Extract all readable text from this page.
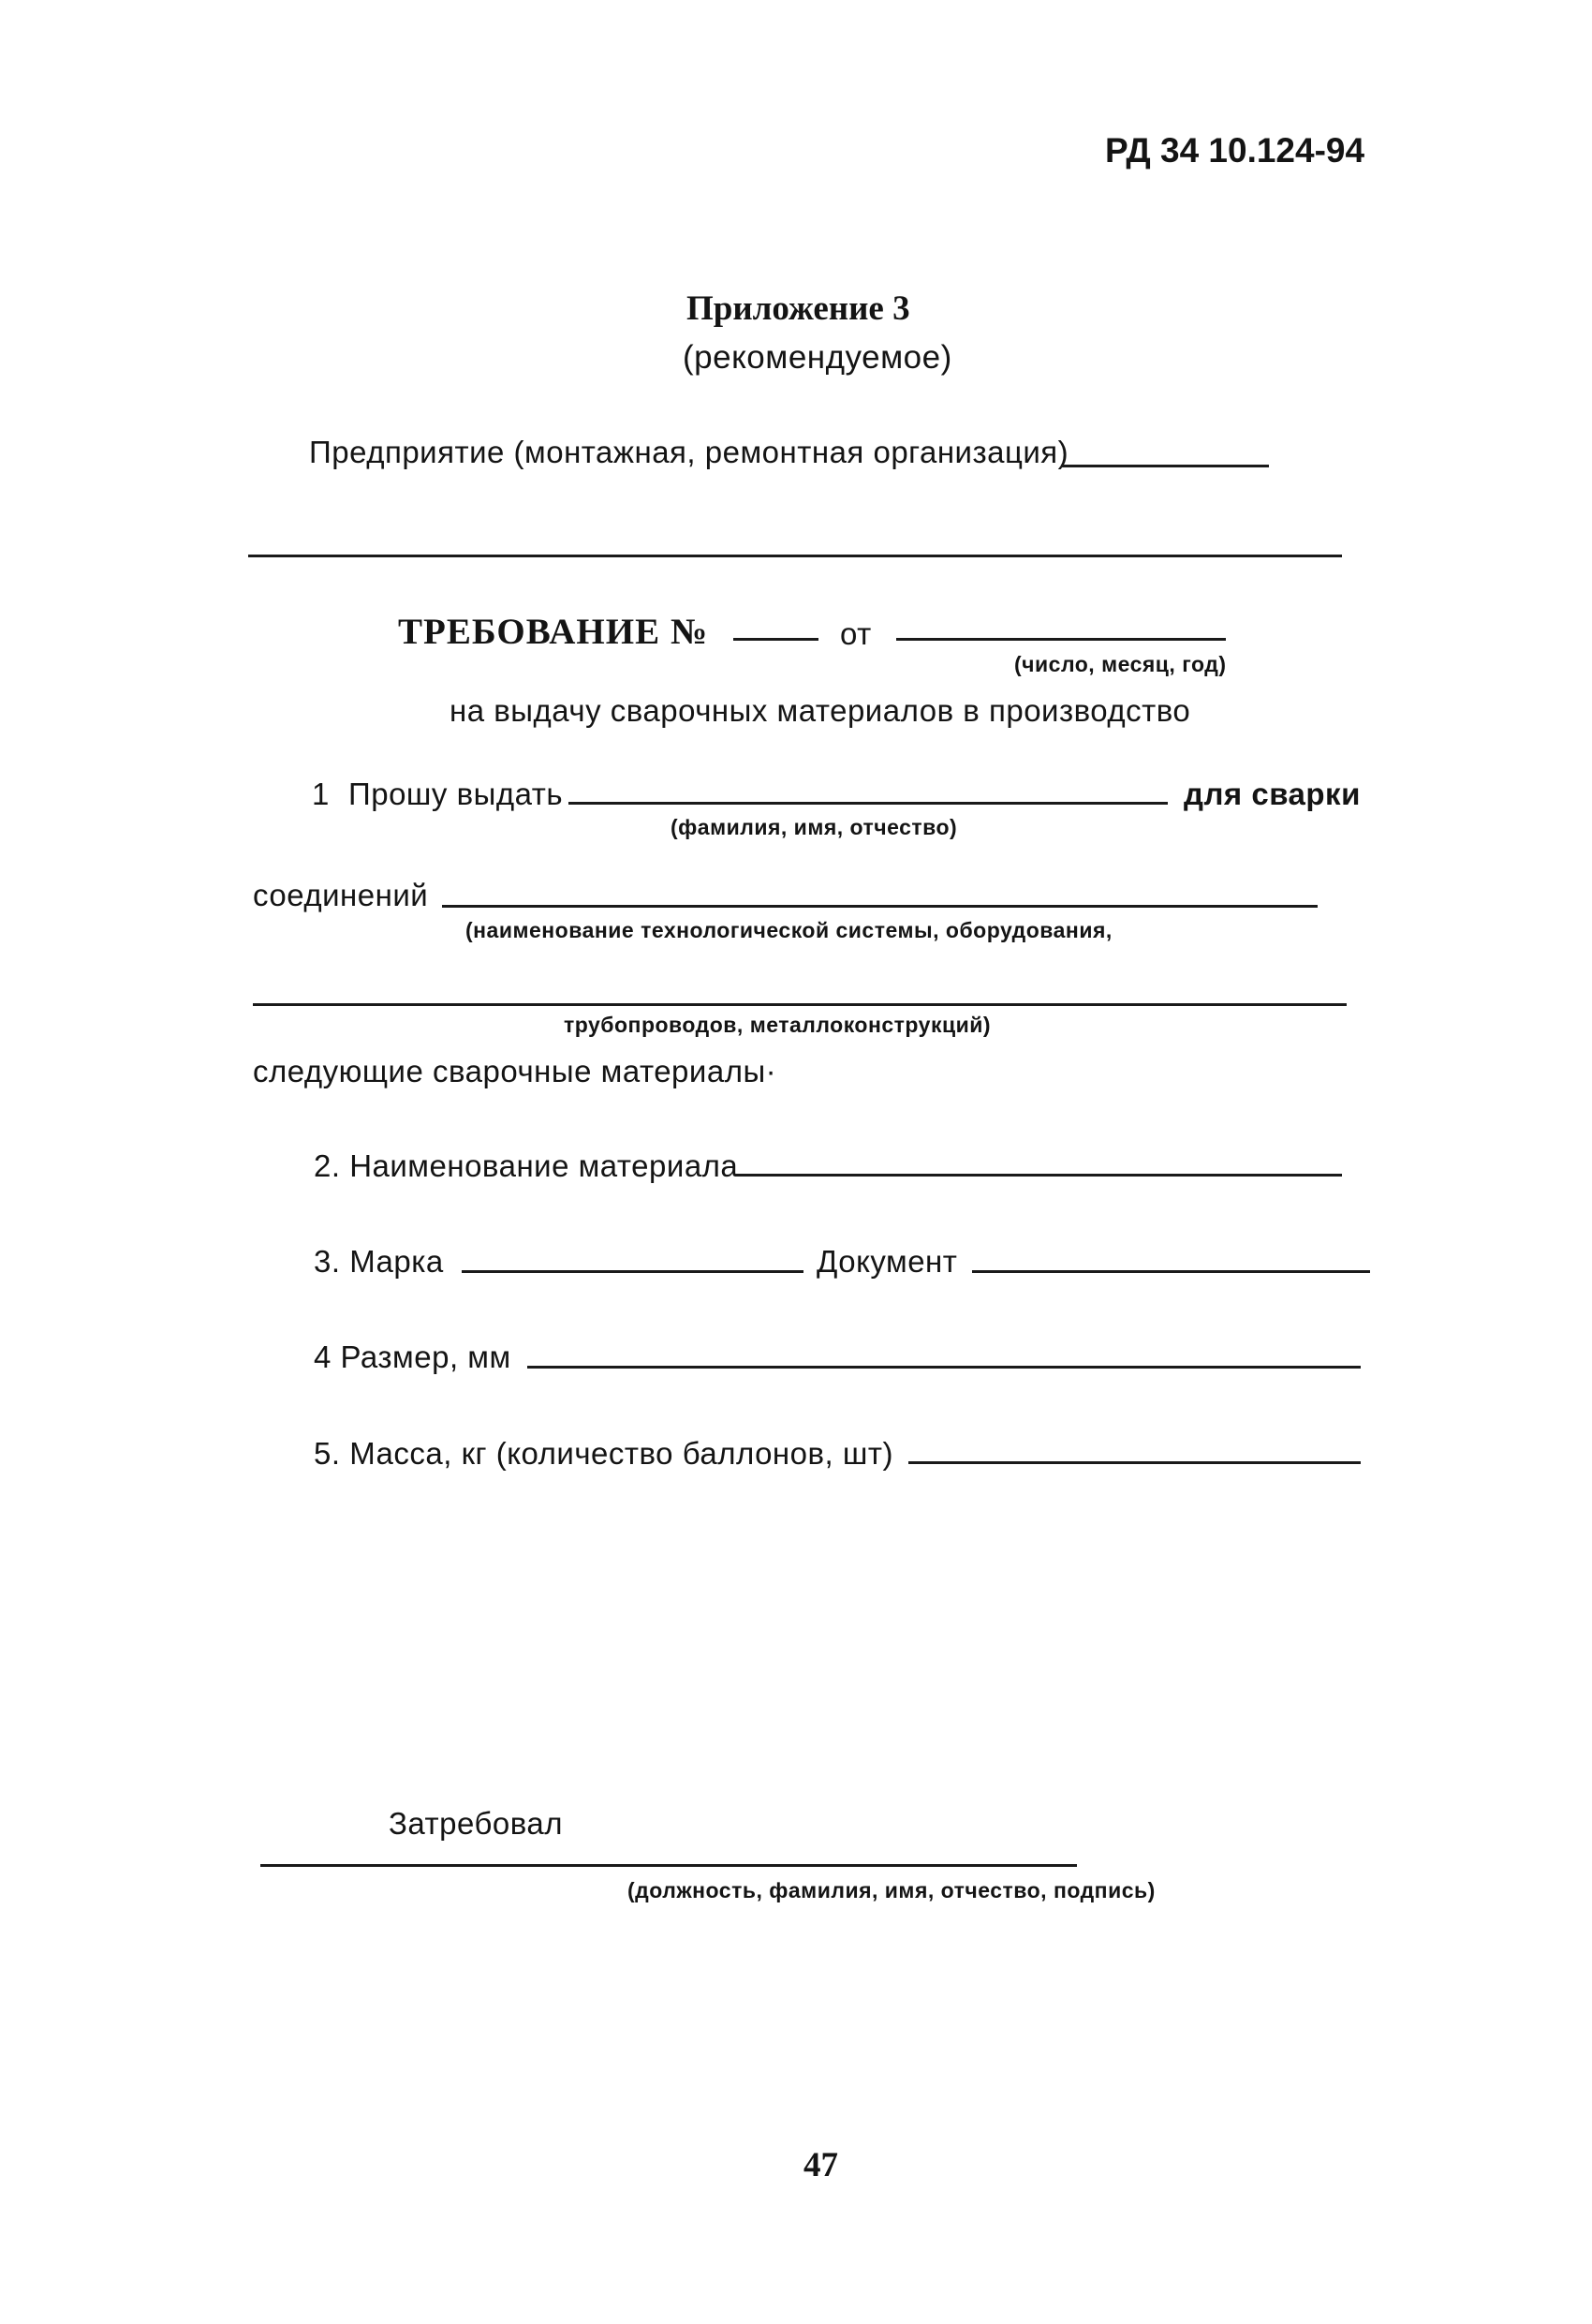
РД 34 10.124-94
Приложение 3
(рекомендуемое)
Предприятие (монтажная, ремонтная организация)
ТРЕБОВАНИЕ №	от
(число, месяц, год)
на выдачу сварочных материалов в производство
1 Прошу выдать	для сварки
(фамилия, имя, отчество)
соединений
(наименование технологической системы, оборудования,
трубопроводов, металлоконструкций)
следующие сварочные материалы·
2. Наименование материала
3. Марка	Документ
4 Размер, мм
5. Масса, кг (количество баллонов, шт)
Затребовал
(должность, фамилия, имя, отчество, подпись)
47
